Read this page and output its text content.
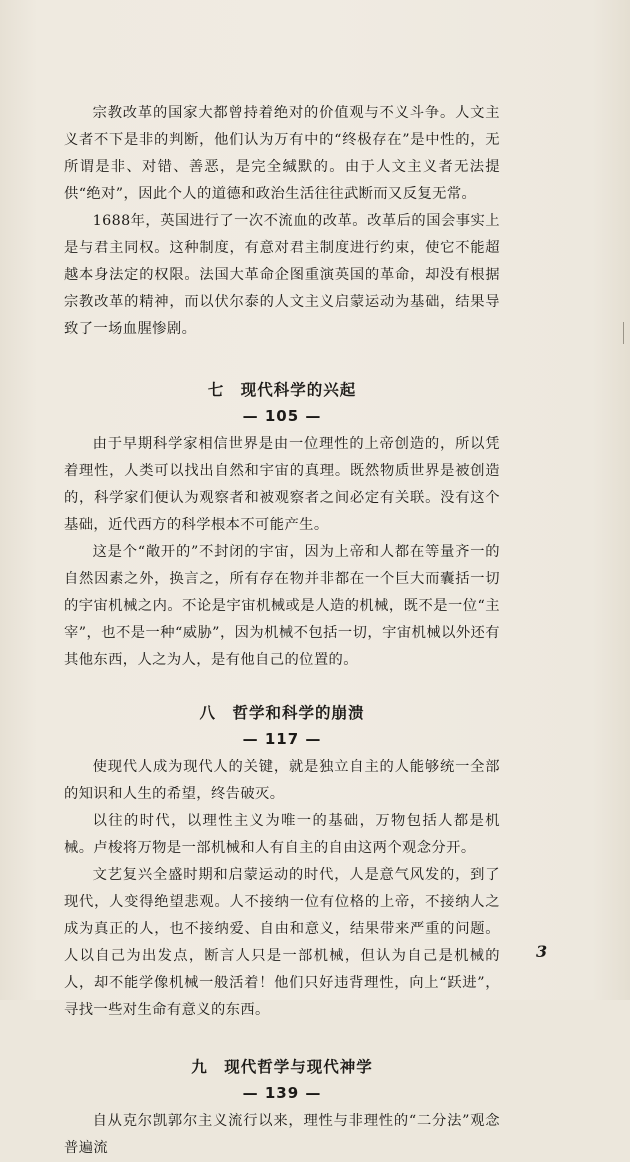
宗教改革的国家大都曾持着绝对的价值观与不义斗争。人文主义者不下是非的判断，他们认为万有中的“终极存在”是中性的，无所谓是非、对错、善恶，是完全缄默的。由于人文主义者无法提供“绝对”，因此个人的道德和政治生活往往武断而又反复无常。

1688年，英国进行了一次不流血的改革。改革后的国会事实上是与君主同权。这种制度，有意对君主制度进行约束，使它不能超越本身法定的权限。法国大革命企图重演英国的革命，却没有根据宗教改革的精神，而以伏尔泰的人文主义启蒙运动为基础，结果导致了一场血腥惨剧。

七　现代科学的兴起
— 105 —

由于早期科学家相信世界是由一位理性的上帝创造的，所以凭着理性，人类可以找出自然和宇宙的真理。既然物质世界是被创造的，科学家们便认为观察者和被观察者之间必定有关联。没有这个基础，近代西方的科学根本不可能产生。

这是个“敞开的”不封闭的宇宙，因为上帝和人都在等量齐一的自然因素之外，换言之，所有存在物并非都在一个巨大而囊括一切的宇宙机械之内。不论是宇宙机械或是人造的机械，既不是一位“主宰”，也不是一种“威胁”，因为机械不包括一切，宇宙机械以外还有其他东西，人之为人，是有他自己的位置的。

八　哲学和科学的崩溃
— 117 —

使现代人成为现代人的关键，就是独立自主的人能够统一全部的知识和人生的希望，终告破灭。

以往的时代，以理性主义为唯一的基础，万物包括人都是机械。卢梭将万物是一部机械和人有自主的自由这两个观念分开。

文艺复兴全盛时期和启蒙运动的时代，人是意气风发的，到了现代，人变得绝望悲观。人不接纳一位有位格的上帝，不接纳人之成为真正的人，也不接纳爱、自由和意义，结果带来严重的问题。人以自己为出发点，断言人只是一部机械，但认为自己是机械的人，却不能学像机械一般活着！他们只好违背理性，向上“跃进”，寻找一些对生命有意义的东西。

九　现代哲学与现代神学
— 139 —

自从克尔凯郭尔主义流行以来，理性与非理性的“二分法”观念普遍流

3
